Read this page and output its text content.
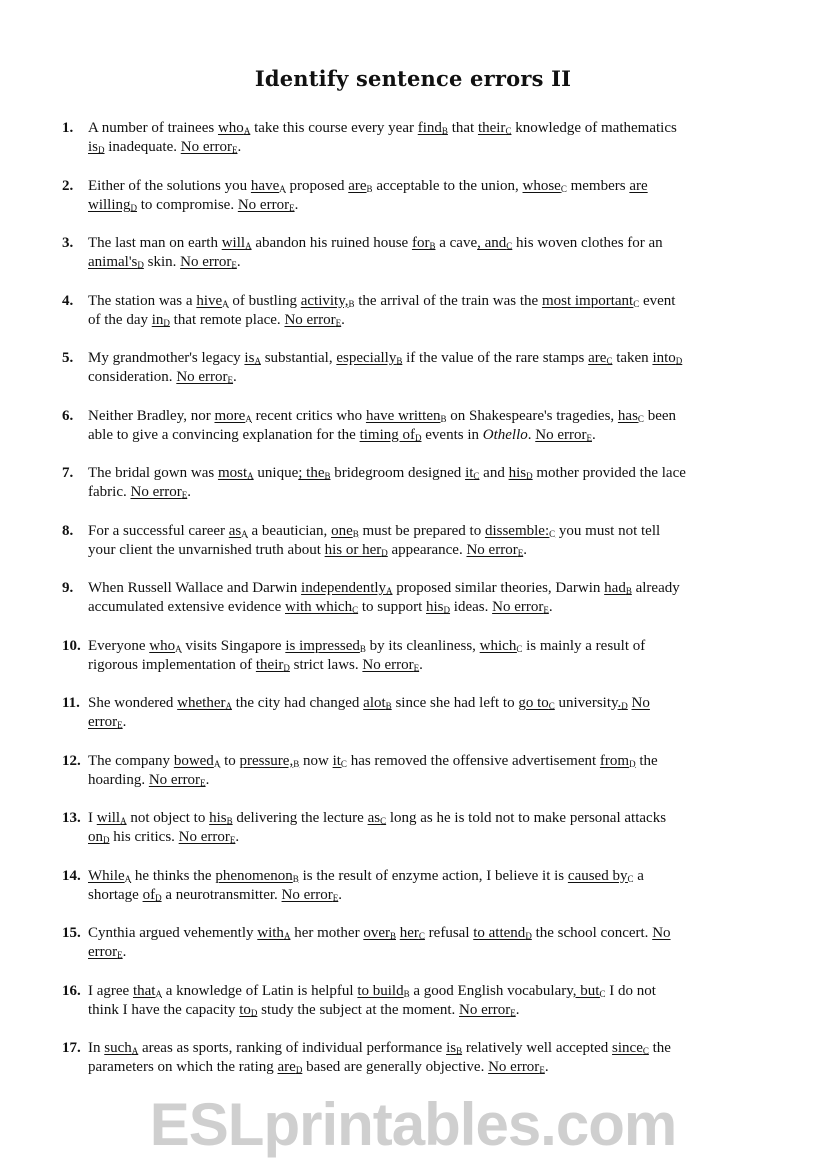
Identify sentence errors II
1. A number of trainees who$_A$ take this course every year find$_B$ that their$_C$ knowledge of mathematics
$is_D$ inadequate. No error$_E$.
2. Either of the solutions you have$_A$ proposed are$_B$ acceptable to the union, whose$_C$ members are
willing$_D$ to compromise. No error$_E$.
3. The last man on earth will$_A$ abandon his ruined house for$_B$ a cave, and$_C$ his woven clothes for an
$animal's_D$ skin. No error$_E$.
4. The station was a hive$_A$ of bustling $activity,_B$ the arrival of the train was the most important$_C$ event
of the day $in_D$ that remote place. No error$_E$.
5. My grandmother's legacy $is_A$ substantial, especially$_B$ if the value of the rare stamps are$_C$ taken into$_D$
consideration. No error$_E$.
6. Neither Bradley, nor more$_A$ recent critics who have written$_B$ on Shakespeare's tragedies, has$_C$ been
able to give a convincing explanation for the timing $of_D$ events in Othello. No error$_E$.
7. The bridal gown was most$_A$ unique; the$_B$ bridegroom designed $it_C$ and his$_D$ mother provided the lace
fabric. No error$_E$.
8. For a successful career $as_A$ a beautician, one$_B$ must be prepared to $dissemble:_C$ you must not tell
your client the unvarnished truth about his or her$_D$ appearance. No error$_E$.
9. When Russell Wallace and Darwin independently$_A$ proposed similar theories, Darwin had$_B$ already
accumulated extensive evidence with which$_C$ to support his$_D$ ideas. No error$_E$.
10. Everyone who$_A$ visits Singapore is impressed$_B$ by its cleanliness, which$_C$ is mainly a result of
rigorous implementation of their$_D$ strict laws. No error$_E$.
11. She wondered whether$_A$ the city had changed alot$_B$ since she had left to go $to_C$ $university._D$ No
error$_E$.
12. The company bowed$_A$ to $pressure,_B$ now $it_C$ has removed the offensive advertisement from$_D$ the
hoarding. No error$_E$.
13. I will$_A$ not object to his$_B$ delivering the lecture $as_C$ long as he is told not to make personal attacks
$on_D$ his critics. No error$_E$.
14. While$_A$ he thinks the phenomenon$_B$ is the result of enzyme action, I believe it is caused $by_C$ a
shortage $of_D$ a neurotransmitter. No error$_E$.
15. Cynthia argued vehemently with$_A$ her mother over$_B$ her$_C$ refusal to attend$_D$ the school concert. No
error$_E$.
16. I agree that$_A$ a knowledge of Latin is helpful to build$_B$ a good English vocabulary, but$_C$ I do not
think I have the capacity $to_D$ study the subject at the moment. No error$_E$.
17. In such$_A$ areas as sports, ranking of individual performance $is_B$ relatively well accepted since$_C$ the
parameters on which the rating are$_D$ based are generally objective. No error$_E$.
ESLprintables.com
